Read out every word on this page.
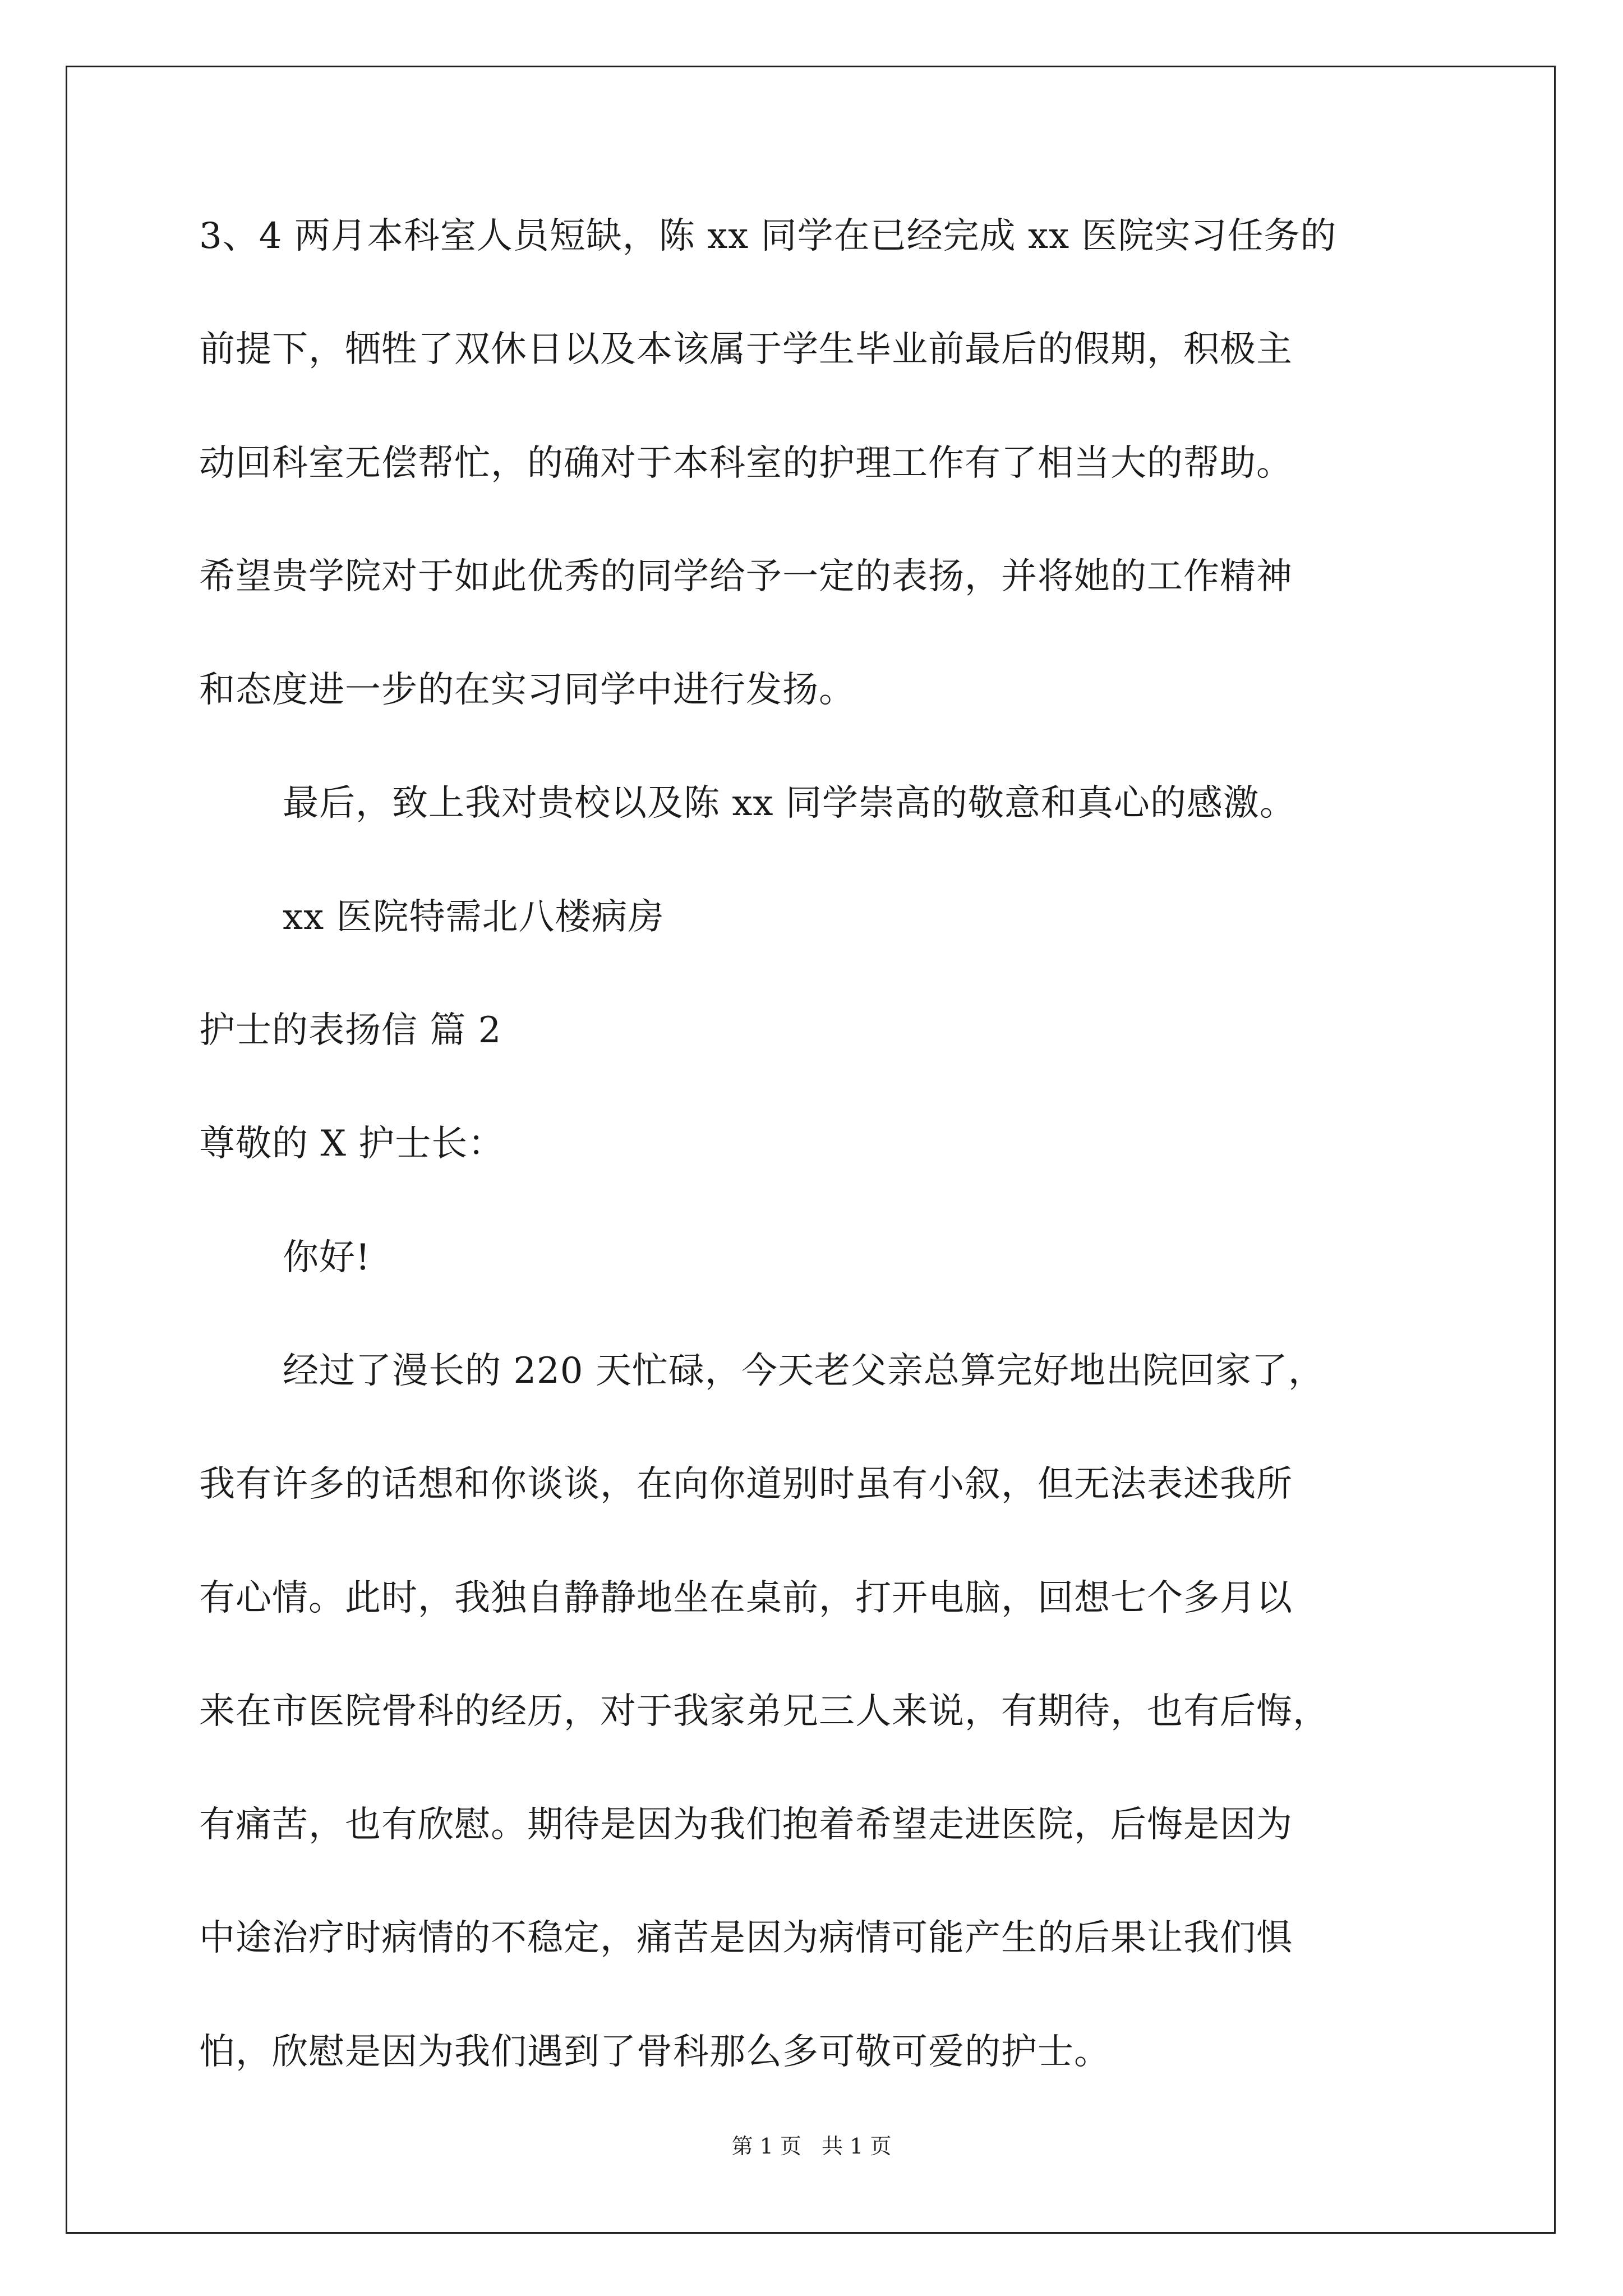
3、4 两月本科室人员短缺，陈 xx 同学在已经完成 xx 医院实习任务的
前提下，牺牲了双休日以及本该属于学生毕业前最后的假期，积极主
动回科室无偿帮忙，的确对于本科室的护理工作有了相当大的帮助。
希望贵学院对于如此优秀的同学给予一定的表扬，并将她的工作精神
和态度进一步的在实习同学中进行发扬。
最后，致上我对贵校以及陈 xx 同学崇高的敬意和真心的感激。
xx 医院特需北八楼病房
护士的表扬信 篇 2
尊敬的 X 护士长：
你好!
经过了漫长的 220 天忙碌，今天老父亲总算完好地出院回家了，
我有许多的话想和你谈谈，在向你道别时虽有小叙，但无法表述我所
有心情。此时，我独自静静地坐在桌前，打开电脑，回想七个多月以
来在市医院骨科的经历，对于我家弟兄三人来说，有期待，也有后悔，
有痛苦，也有欣慰。期待是因为我们抱着希望走进医院，后悔是因为
中途治疗时病情的不稳定，痛苦是因为病情可能产生的后果让我们惧
怕，欣慰是因为我们遇到了骨科那么多可敬可爱的护士。
第 1 页   共 1 页
